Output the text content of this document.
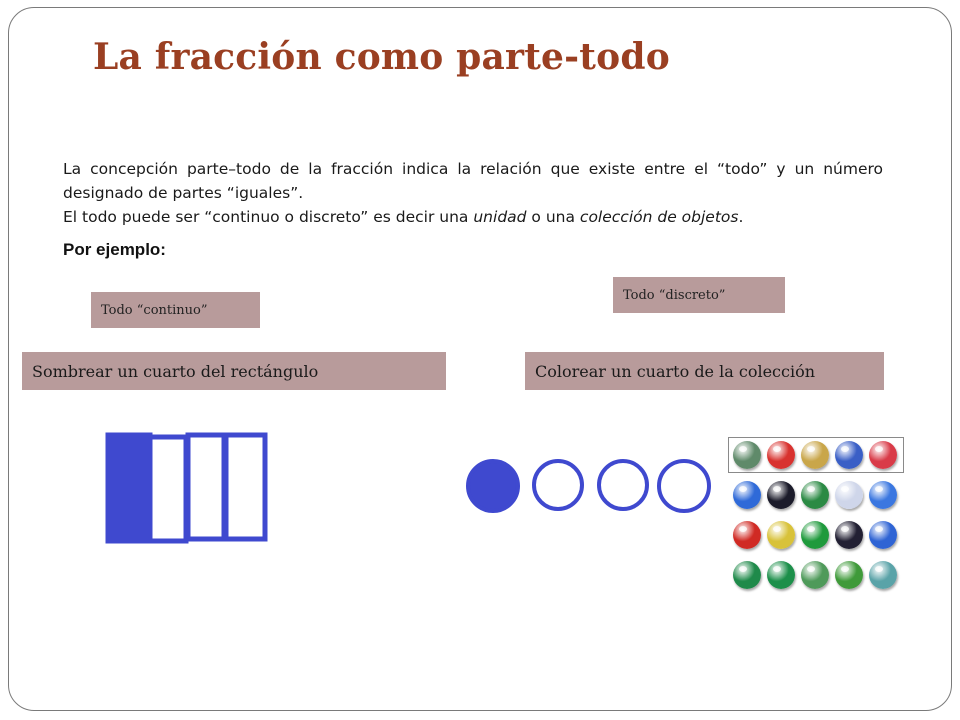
La fracción como parte-todo

La concepción parte–todo de la fracción indica la relación que existe entre el “todo” y un número designado de partes “iguales”.

El todo puede ser “continuo o discreto” es decir una unidad o una colección de objetos.

Por ejemplo:
Todo “continuo”
Todo “discreto”
Sombrear un cuarto del rectángulo	Colorear un cuarto de la colección
